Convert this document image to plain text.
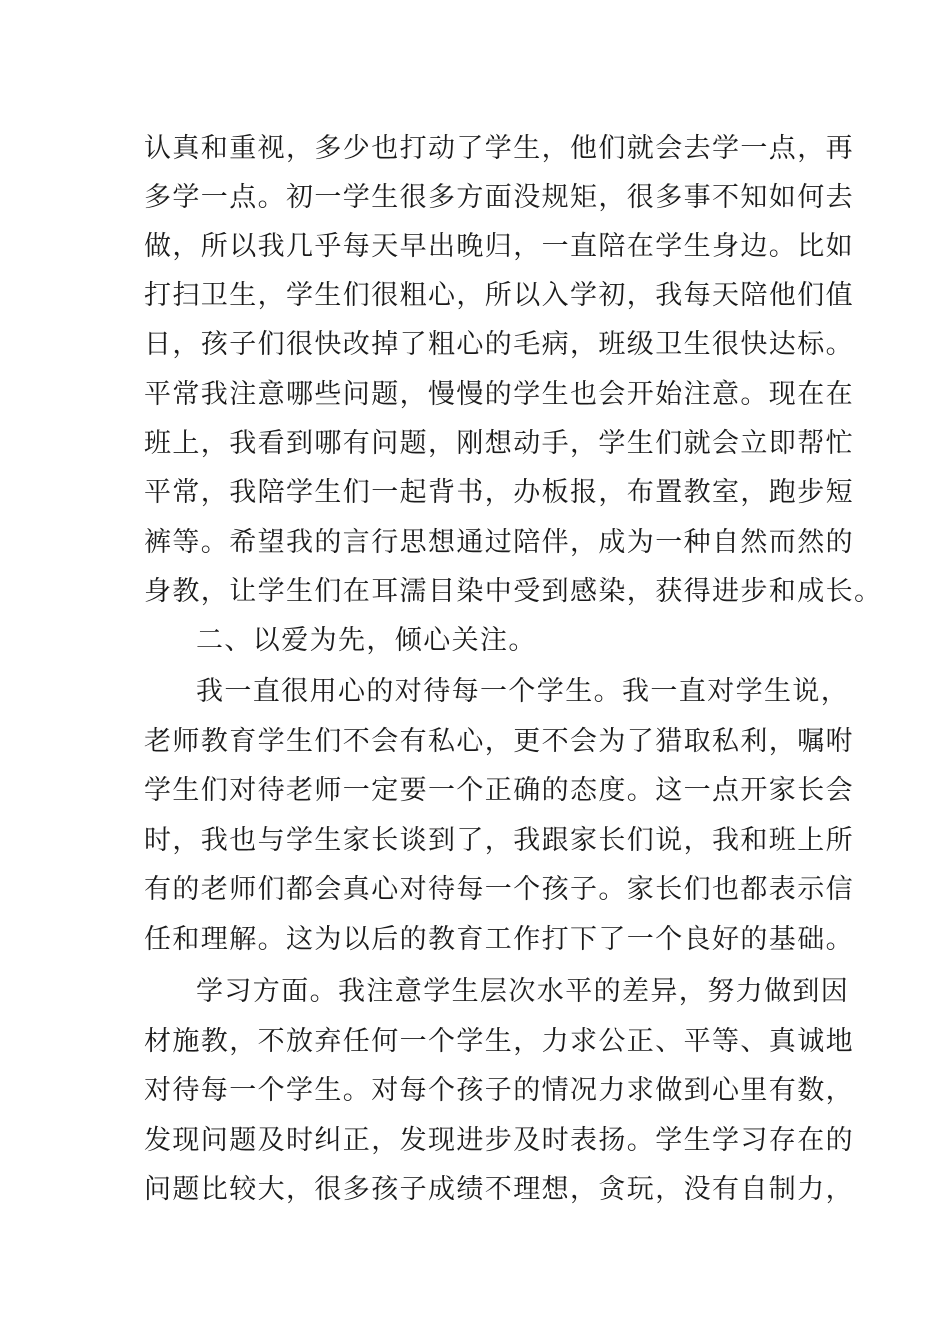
认真和重视，多少也打动了学生，他们就会去学一点，再
多学一点。初一学生很多方面没规矩，很多事不知如何去
做，所以我几乎每天早出晚归，一直陪在学生身边。比如
打扫卫生，学生们很粗心，所以入学初，我每天陪他们值
日，孩子们很快改掉了粗心的毛病，班级卫生很快达标。
平常我注意哪些问题，慢慢的学生也会开始注意。现在在
班上，我看到哪有问题，刚想动手，学生们就会立即帮忙
平常，我陪学生们一起背书，办板报，布置教室，跑步短
裤等。希望我的言行思想通过陪伴，成为一种自然而然的
身教，让学生们在耳濡目染中受到感染，获得进步和成长。
二、以爱为先，倾心关注。
我一直很用心的对待每一个学生。我一直对学生说，
老师教育学生们不会有私心，更不会为了猎取私利，嘱咐
学生们对待老师一定要一个正确的态度。这一点开家长会
时，我也与学生家长谈到了，我跟家长们说，我和班上所
有的老师们都会真心对待每一个孩子。家长们也都表示信
任和理解。这为以后的教育工作打下了一个良好的基础。
学习方面。我注意学生层次水平的差异，努力做到因
材施教，不放弃任何一个学生，力求公正、平等、真诚地
对待每一个学生。对每个孩子的情况力求做到心里有数，
发现问题及时纠正，发现进步及时表扬。学生学习存在的
问题比较大，很多孩子成绩不理想，贪玩，没有自制力，
